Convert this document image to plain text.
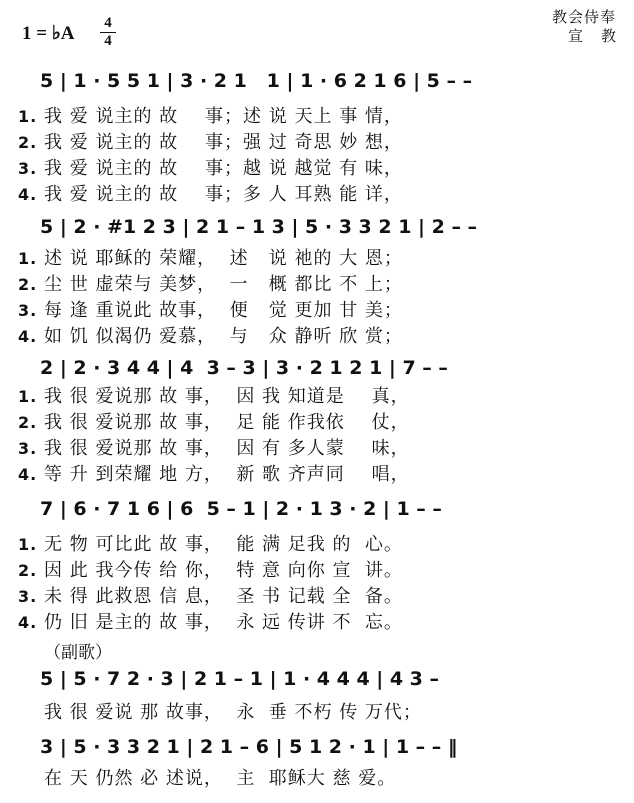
1 = ♭A 4
4
教会侍奉
宣教
5 | 1 · 5 5 1 | 3 · 2 1   1 | 1 · 6 2 1 6 | 5 – –
1. 我 爱 说主的 故    事；述 说 天上 事 情，
2. 我 爱 说主的 故    事；强 过 奇思 妙 想，
3. 我 爱 说主的 故    事；越 说 越觉 有 味，
4. 我 爱 说主的 故    事；多 人 耳熟 能 详，
5 | 2 · #1 2 3 | 2 1 – 1 3 | 5 · 3 3 2 1 | 2 – –
1. 述 说 耶稣的 荣耀，  述   说 祂的 大 恩；
2. 尘 世 虚荣与 美梦，  一   概 都比 不 上；
3. 每 逢 重说此 故事，  便   觉 更加 甘 美；
4. 如 饥 似渴仍 爱慕，  与   众 静听 欣 赏；
2 | 2 · 3 4 4 | 4  3 – 3 | 3 · 2 1 2 1 | 7 – –
1. 我 很 爱说那 故 事，  因 我 知道是    真，
2. 我 很 爱说那 故 事，  足 能 作我依    仗，
3. 我 很 爱说那 故 事，  因 有 多人蒙    味，
4. 等 升 到荣耀 地 方，  新 歌 齐声同    唱，
7 | 6 · 7 1 6 | 6  5 – 1 | 2 · 1 3 · 2 | 1 – –
1. 无 物 可比此 故 事，  能 满 足我 的  心。
2. 因 此 我今传 给 你，  特 意 向你 宣  讲。
3. 未 得 此救恩 信 息，  圣 书 记载 全  备。
4. 仍 旧 是主的 故 事，  永 远 传讲 不  忘。
（副歌）
5 | 5 · 7 2 · 3 | 2 1 – 1 | 1 · 4 4 4 | 4 3 –
我 很 爱说 那 故事，  永  垂 不朽 传 万代；
3 | 5 · 3 3 2 1 | 2 1 – 6 | 5 1 2 · 1 | 1 – – ‖
在 天 仍然 必 述说，  主  耶稣大 慈 爱。
